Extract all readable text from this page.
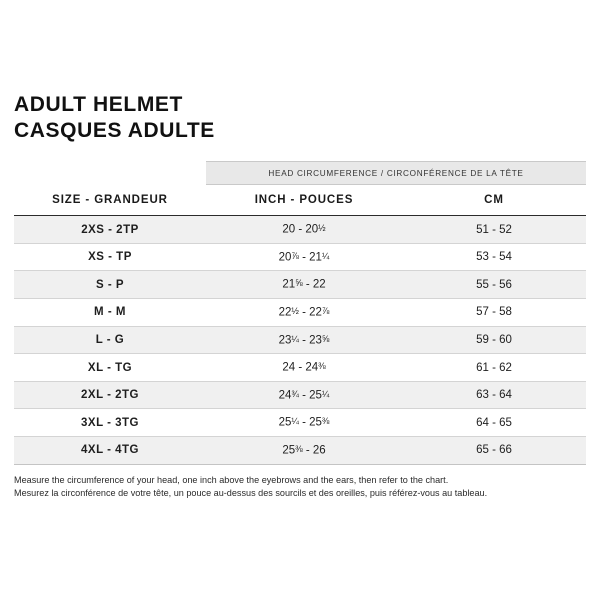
ADULT HELMET
CASQUES ADULTE
	HEAD CIRCUMFERENCE / CIRCONFÉRENCE DE LA TÊTE	
SIZE - GRANDEUR	INCH - POUCES	CM
2XS - 2TP	20 - 20½	51 - 52
XS - TP	20⅞ - 21¼	53 - 54
S - P	21⅝ - 22	55 - 56
M - M	22½ - 22⅞	57 - 58
L - G	23¼ - 23⅝	59 - 60
XL - TG	24 - 24⅜	61 - 62
2XL - 2TG	24¾ - 25¼	63 - 64
3XL - 3TG	25¼ - 25⅜	64 - 65
4XL - 4TG	25⅜ - 26	65 - 66
Measure the circumference of your head, one inch above the eyebrows and the ears, then refer to the chart.
Mesurez la circonférence de votre tête, un pouce au-dessus des sourcils et des oreilles, puis référez-vous au tableau.
